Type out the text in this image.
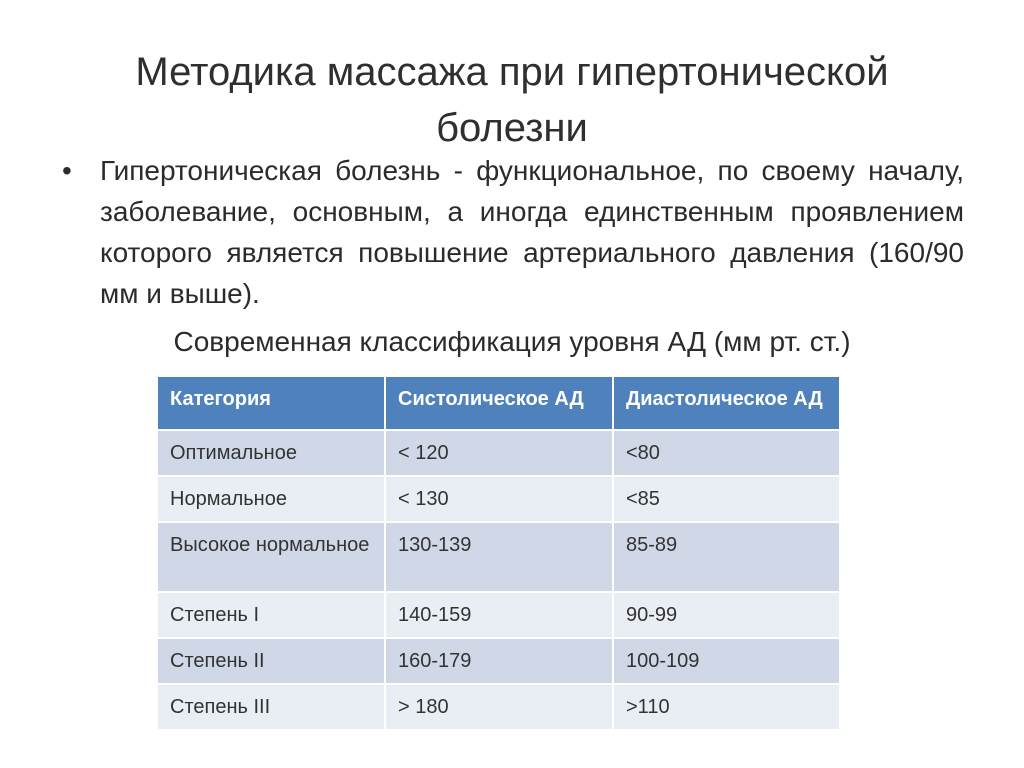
Методика массажа при гипертонической болезни
•	Гипертоническая болезнь - функциональное, по своему началу, заболевание, основным, а иногда единственным проявлением которого является повышение артериального давления (160/90 мм и выше).
Современная классификация уровня АД (мм рт. ст.)
Категория	Систолическое АД	Диастолическое АД
Оптимальное	< 120	<80
Нормальное	< 130	<85
Высокое нормальное	130-139	85-89
Степень I	140-159	90-99
Степень II	160-179	100-109
Степень III	> 180	>110
